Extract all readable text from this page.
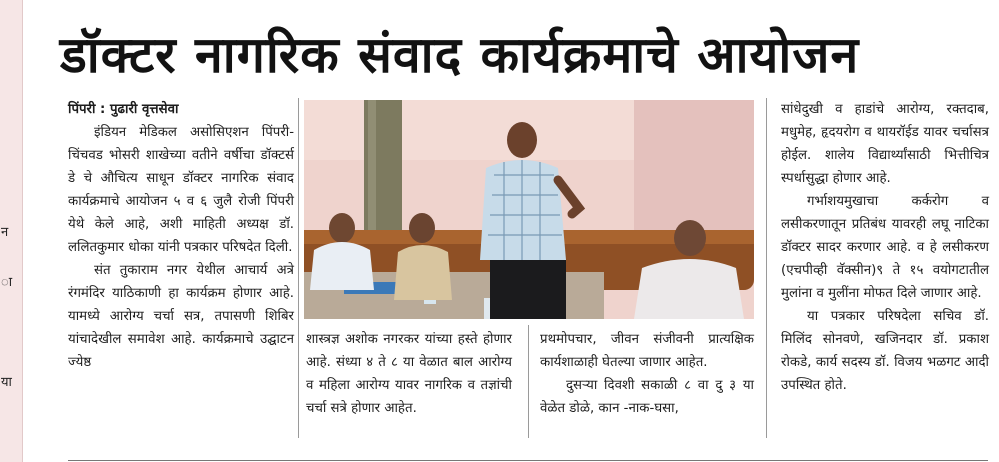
न
ा
या
डॉक्टर नागरिक संवाद कार्यक्रमाचे आयोजन

पिंपरी : पुढारी वृत्तसेवा

इंडियन मेडिकल असोसिएशन पिंपरी-चिंचवड भोसरी शाखेच्या वतीने वर्षीचा डॉक्टर्स डे चे औचित्य साधून डॉक्टर नागरिक संवाद कार्यक्रमाचे आयोजन ५ व ६ जुलै रोजी पिंपरी येथे केले आहे, अशी माहिती अध्यक्ष डॉ. ललितकुमार धोका यांनी पत्रकार परिषदेत दिली.

संत तुकाराम नगर येथील आचार्य अत्रे रंगमंदिर याठिकाणी हा कार्यक्रम होणार आहे. यामध्ये आरोग्य चर्चा सत्र, तपासणी शिबिर यांचादेखील समावेश आहे. कार्यक्रमाचे उद्घाटन ज्येष्ठ

शास्त्रज्ञ अशोक नगरकर यांच्या हस्ते होणार आहे. संध्या ४ ते ८ या वेळात बाल आरोग्य व महिला आरोग्य यावर नागरिक व तज्ञांची चर्चा सत्रे होणार आहेत.

प्रथमोपचार, जीवन संजीवनी प्रात्यक्षिक कार्यशाळाही घेतल्या जाणार आहेत.

दुसऱ्या दिवशी सकाळी ८ वा दु ३ या वेळेत डोळे, कान -नाक-घसा,

सांधेदुखी व हाडांचे आरोग्य, रक्तदाब, मधुमेह, हृदयरोग व थायरॉईड यावर चर्चासत्र होईल. शालेय विद्यार्थ्यांसाठी भित्तीचित्र स्पर्धासुद्धा होणार आहे.

गर्भाशयमुखाचा कर्करोग व लसीकरणातून प्रतिबंध यावरही लघू नाटिका डॉक्टर सादर करणार आहे. व हे लसीकरण (एचपीव्ही वॅक्सीन)९ ते १५ वयोगटातील मुलांना व मुलींना मोफत दिले जाणार आहे.

या पत्रकार परिषदेला सचिव डॉ. मिलिंद सोनवणे, खजिनदार डॉ. प्रकाश रोकडे, कार्य सदस्य डॉ. विजय भळगट आदी उपस्थित होते.
